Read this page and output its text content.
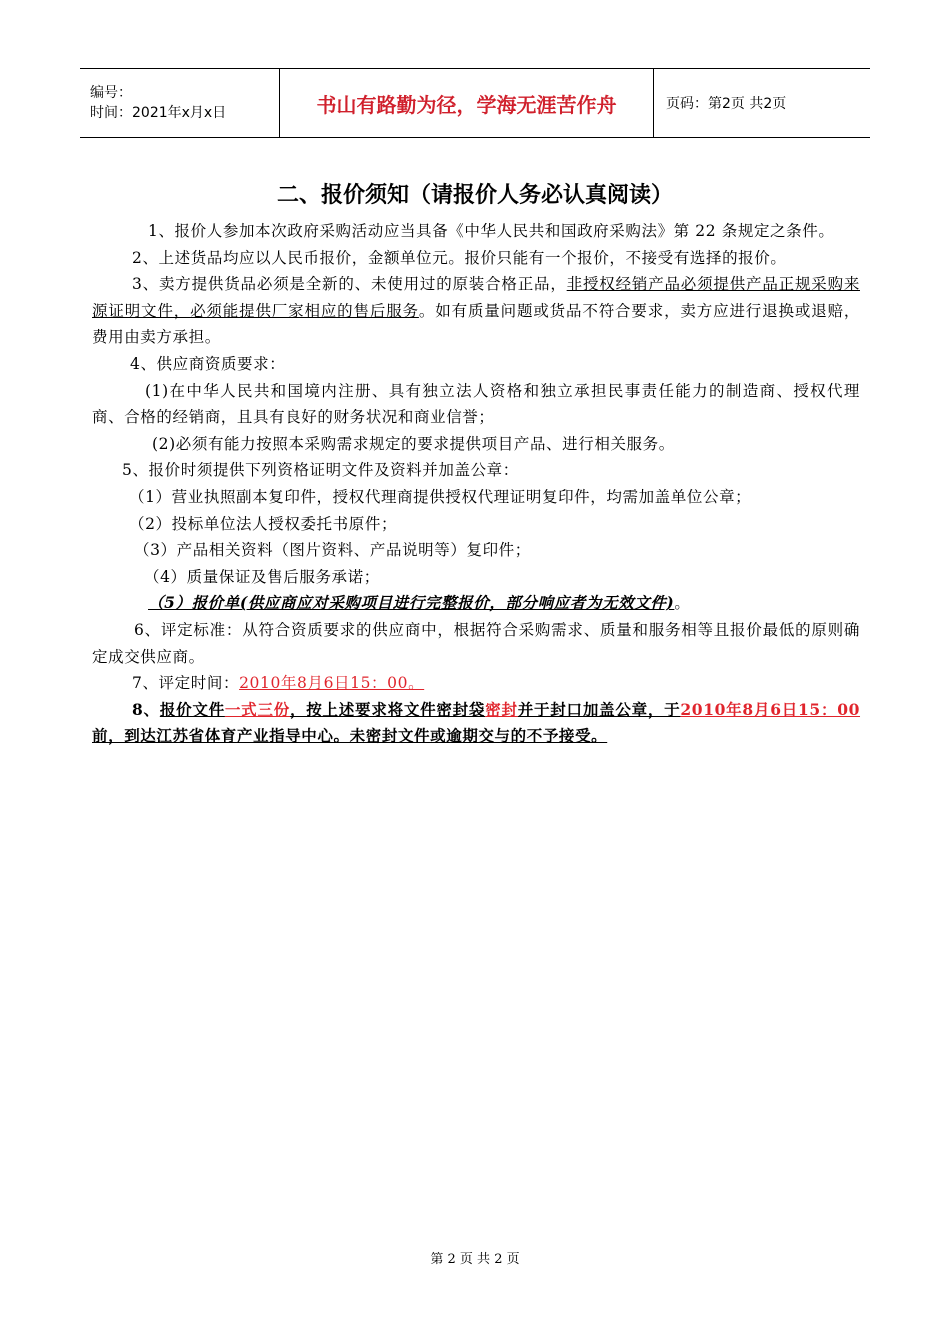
编号：
时间：2021年x月x日	书山有路勤为径，学海无涯苦作舟	页码：第2页 共2页
二、报价须知（请报价人务必认真阅读）

1、报价人参加本次政府采购活动应当具备《中华人民共和国政府采购法》第 22 条规定之条件。

2、上述货品均应以人民币报价，金额单位元。报价只能有一个报价，不接受有选择的报价。

3、卖方提供货品必须是全新的、未使用过的原装合格正品，非授权经销产品必须提供产品正规采购来源证明文件，必须能提供厂家相应的售后服务。如有质量问题或货品不符合要求，卖方应进行退换或退赔，费用由卖方承担。

4、供应商资质要求：

(1)在中华人民共和国境内注册、具有独立法人资格和独立承担民事责任能力的制造商、授权代理商、合格的经销商，且具有良好的财务状况和商业信誉；

(2)必须有能力按照本采购需求规定的要求提供项目产品、进行相关服务。

5、报价时须提供下列资格证明文件及资料并加盖公章：

（1）营业执照副本复印件，授权代理商提供授权代理证明复印件，均需加盖单位公章；

（2）投标单位法人授权委托书原件；

（3）产品相关资料（图片资料、产品说明等）复印件；

（4）质量保证及售后服务承诺；

（5）报价单(供应商应对采购项目进行完整报价，部分响应者为无效文件)。

6、评定标准：从符合资质要求的供应商中，根据符合采购需求、质量和服务相等且报价最低的原则确定成交供应商。

7、评定时间：2010年8月6日15：00。

8、报价文件一式三份，按上述要求将文件密封袋密封并于封口加盖公章，于2010年8月6日15：00前，到达江苏省体育产业指导中心。未密封文件或逾期交与的不予接受。

第 2 页 共 2 页
